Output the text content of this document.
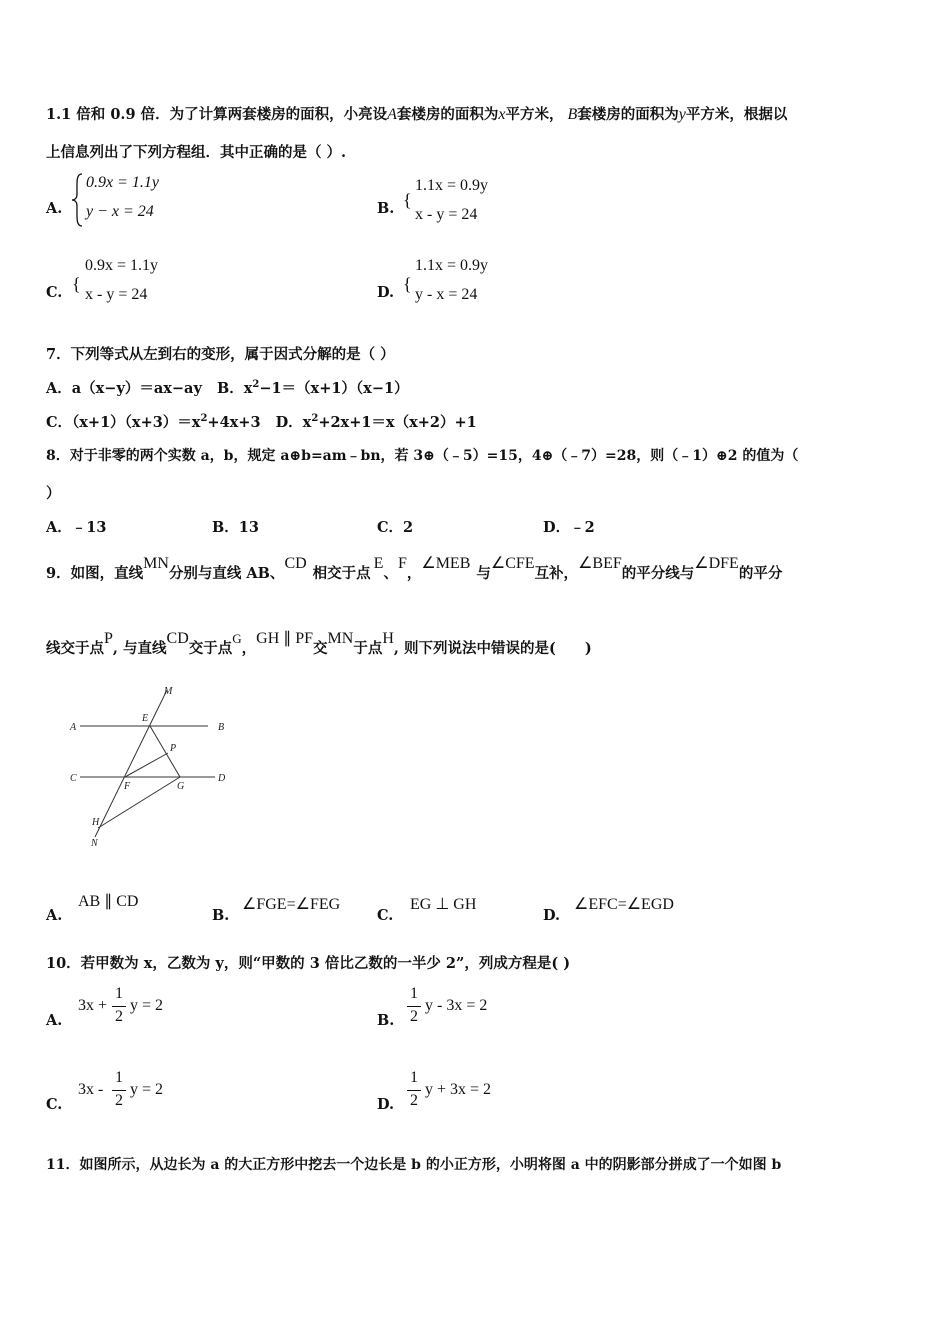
1.1 倍和 0.9 倍．为了计算两套楼房的面积，小亮设A套楼房的面积为x平方米， B套楼房的面积为y平方米，根据以
上信息列出了下列方程组．其中正确的是（ ）.
A.
0.9x = 1.1y
y − x = 24	B. {
1.1x = 0.9y
x - y = 24
C. {
0.9x = 1.1y
x - y = 24	D. {
1.1x = 0.9y
y - x = 24
7．下列等式从左到右的变形，属于因式分解的是（ ）
A．a（x−y）＝ax−ay B．$x^2-1=(x+1)(x-1)$
C．$(x+1)(x+3)=x^2+4x+3$ D．$x^2+2x+1=x(x+2)+1$
8．对于非零的两个实数 a，b，规定 a⊕b=am﹣bn，若 3⊕（﹣5）=15，4⊕（﹣7）=28，则（﹣1）⊕2 的值为（
）
A．﹣13	B．13	C．2	D．﹣2
9．如图，直线MN分别与直线 AB、CD相交于点E、F，∠MEB与∠CFE互补，∠BEF的平分线与∠DFE的平分
线交于点P, 与直线CD交于点G，GH ∥ PF交MN于点H, 则下列说法中错误的是(　　)
M
E
A	B
P
C
F	G
D
H
N
A.
AB ∥ CD
B.
∠FGE=∠FEG
C.
EG ⊥ GH
D.
∠EFC=∠EGD
10．若甲数为 x，乙数为 y，则“甲数的 3 倍比乙数的一半少 2”，列成方程是( )
A.
3x +
1
2
y = 2
B.
1
2
y - 3x = 2
C.
3x -
1
2
y = 2
D.
1
2
y + 3x = 2
11．如图所示，从边长为 a 的大正方形中挖去一个边长是 b 的小正方形，小明将图 a 中的阴影部分拼成了一个如图 b
